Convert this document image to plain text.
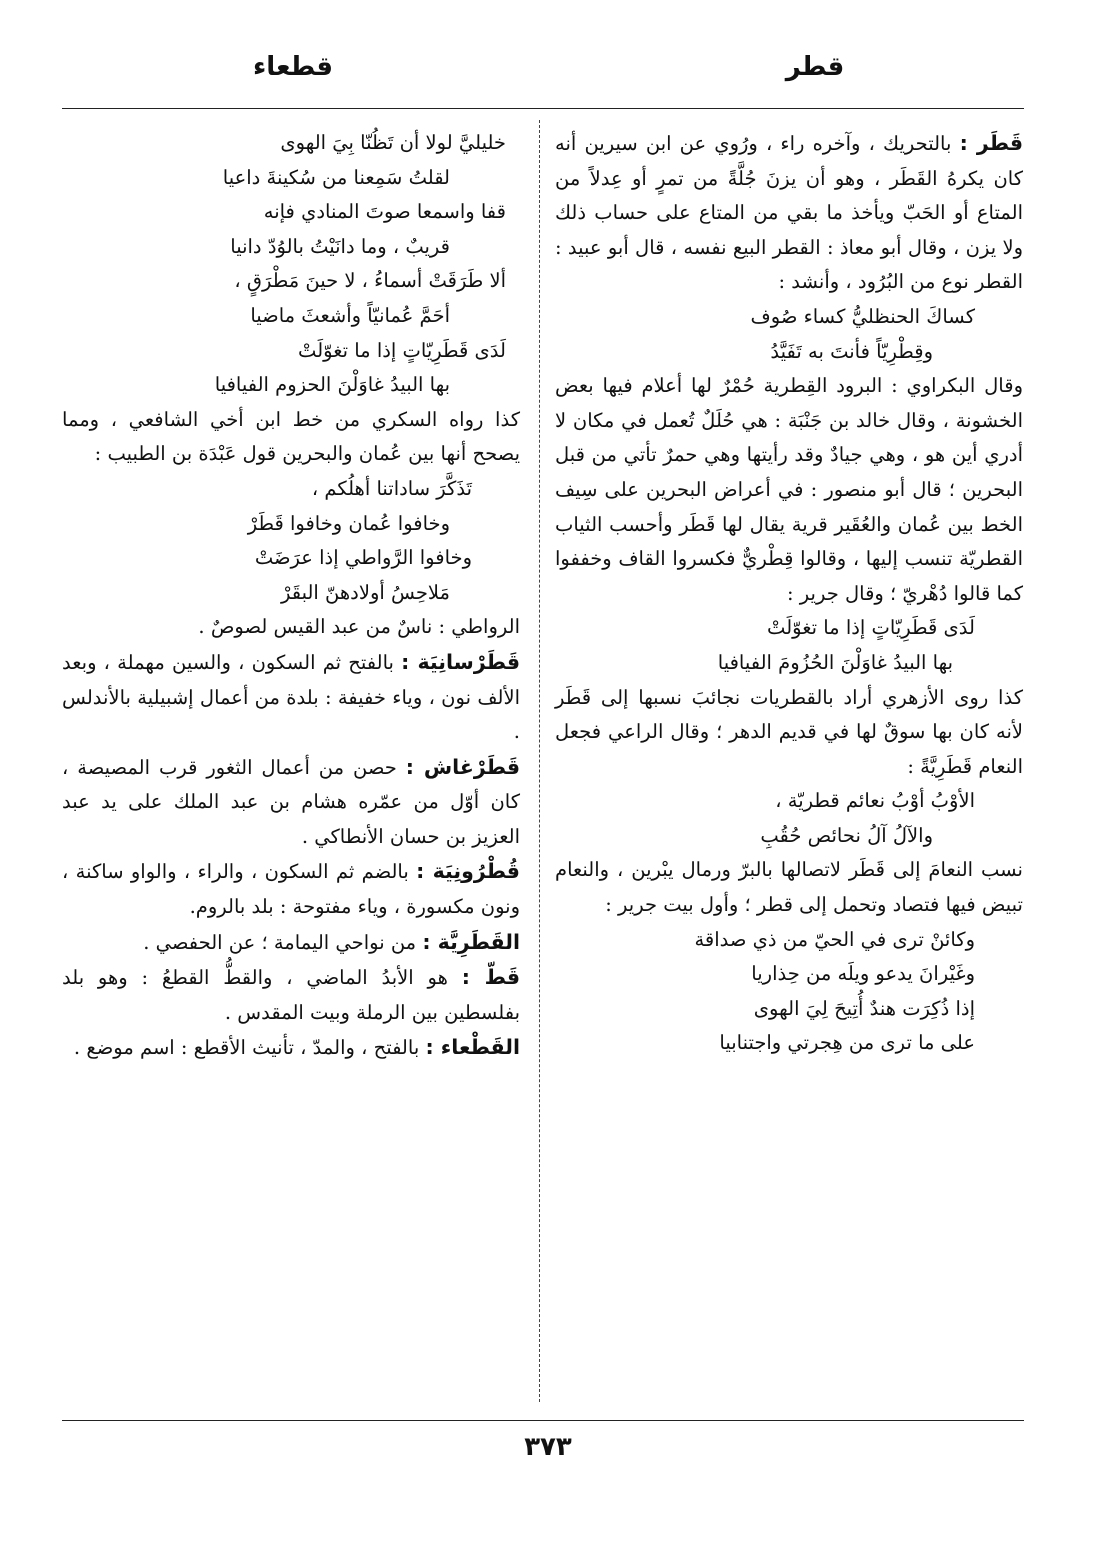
قطر
قطعاء

قَطَر : بالتحريك ، وآخره راء ، ورُوي عن ابن سيرين أنه كان يكرهُ القَطَر ، وهو أن يزنَ جُلَّةً من تمرٍ أو عِدلاً من المتاع أو الحَبّ ويأخذ ما بقي من المتاع على حساب ذلك ولا يزن ، وقال أبو معاذ : القطر البيع نفسه ، قال أبو عبيد : القطر نوع من البُرُود ، وأنشد :

كساكَ الحنظليُّ كساء صُوف

وقِطْرِيّاً فأنتَ به تَفَيَّدُ

وقال البكراوي : البرود القِطرية حُمْرٌ لها أعلام فيها بعض الخشونة ، وقال خالد بن جَنْبَة : هي حُلَلٌ تُعمل في مكان لا أدري أين هو ، وهي جيادٌ وقد رأيتها وهي حمرٌ تأتي من قبل البحرين ؛ قال أبو منصور : في أعراض البحرين على سِيف الخط بين عُمان والعُقَير قرية يقال لها قَطَر وأحسب الثياب القطريّة تنسب إليها ، وقالوا قِطْريٌّ فكسروا القاف وخففوا كما قالوا دُهْريّ ؛ وقال جرير :

لَدَى قَطَرِيّاتٍ إذا ما تغوّلَتْ

بها البيدُ غاوَلْنَ الحُزُومَ الفيافيا

كذا روى الأزهري أراد بالقطريات نجائبَ نسبها إلى قَطَر لأنه كان بها سوقٌ لها في قديم الدهر ؛ وقال الراعي فجعل النعام قَطَرِيَّةً :

الأوْبُ أوْبُ نعائم قطريّة ،

والآلُ آلُ نحائص حُقُبِ

نسب النعامَ إلى قَطَر لاتصالها بالبرّ ورمال يبْرين ، والنعام تبيض فيها فتصاد وتحمل إلى قطر ؛ وأول بيت جرير :

وكائنْ ترى في الحيّ من ذي صداقة

وغَيْرانَ يدعو ويلَه من حِذاريا

إذا ذُكِرَت هندٌ أُتِيحَ لِيَ الهوى

على ما ترى من هِجرتي واجتنابيا

خليليَّ لولا أن تَظُنّا بِيَ الهوى

لقلتُ سَمِعنا من سُكينةَ داعيا

قفا واسمعا صوتَ المنادي فإنه

قريبٌ ، وما دانَيْتُ بالوُدّ دانيا

ألا طَرَقَتْ أسماءُ ، لا حينَ مَطْرَقٍ ،

أحَمَّ عُمانيّاً وأشعثَ ماضيا

لَدَى قَطَرِيّاتٍ إذا ما تغوّلَتْ

بها البيدُ غاوَلْنَ الحزوم الفيافيا

كذا رواه السكري من خط ابن أخي الشافعي ، ومما يصحح أنها بين عُمان والبحرين قول عَبْدَة بن الطبيب :

تَذَكَّرَ ساداتنا أهلُكم ،

وخافوا عُمان وخافوا قَطَرْ

وخافوا الرَّواطي إذا عرَضَتْ

مَلاحِسُ أولادهنّ البقَرْ

الرواطي : ناسٌ من عبد القيس لصوصٌ .

قَطَرْسانِيَة : بالفتح ثم السكون ، والسين مهملة ، وبعد الألف نون ، وياء خفيفة : بلدة من أعمال إشبيلية بالأندلس .

قَطَرْغاش : حصن من أعمال الثغور قرب المصيصة ، كان أوّل من عمّره هشام بن عبد الملك على يد عبد العزيز بن حسان الأنطاكي .

قُطْرُونِيَة : بالضم ثم السكون ، والراء ، والواو ساكنة ، ونون مكسورة ، وياء مفتوحة : بلد بالروم.

القَطَرِيَّة : من نواحي اليمامة ؛ عن الحفصي .

قَطّ : هو الأبدُ الماضي ، والقطُّ القطعُ : وهو بلد بفلسطين بين الرملة وبيت المقدس .

القَطْعاء : بالفتح ، والمدّ ، تأنيث الأقطع : اسم موضع .

٣٧٣
